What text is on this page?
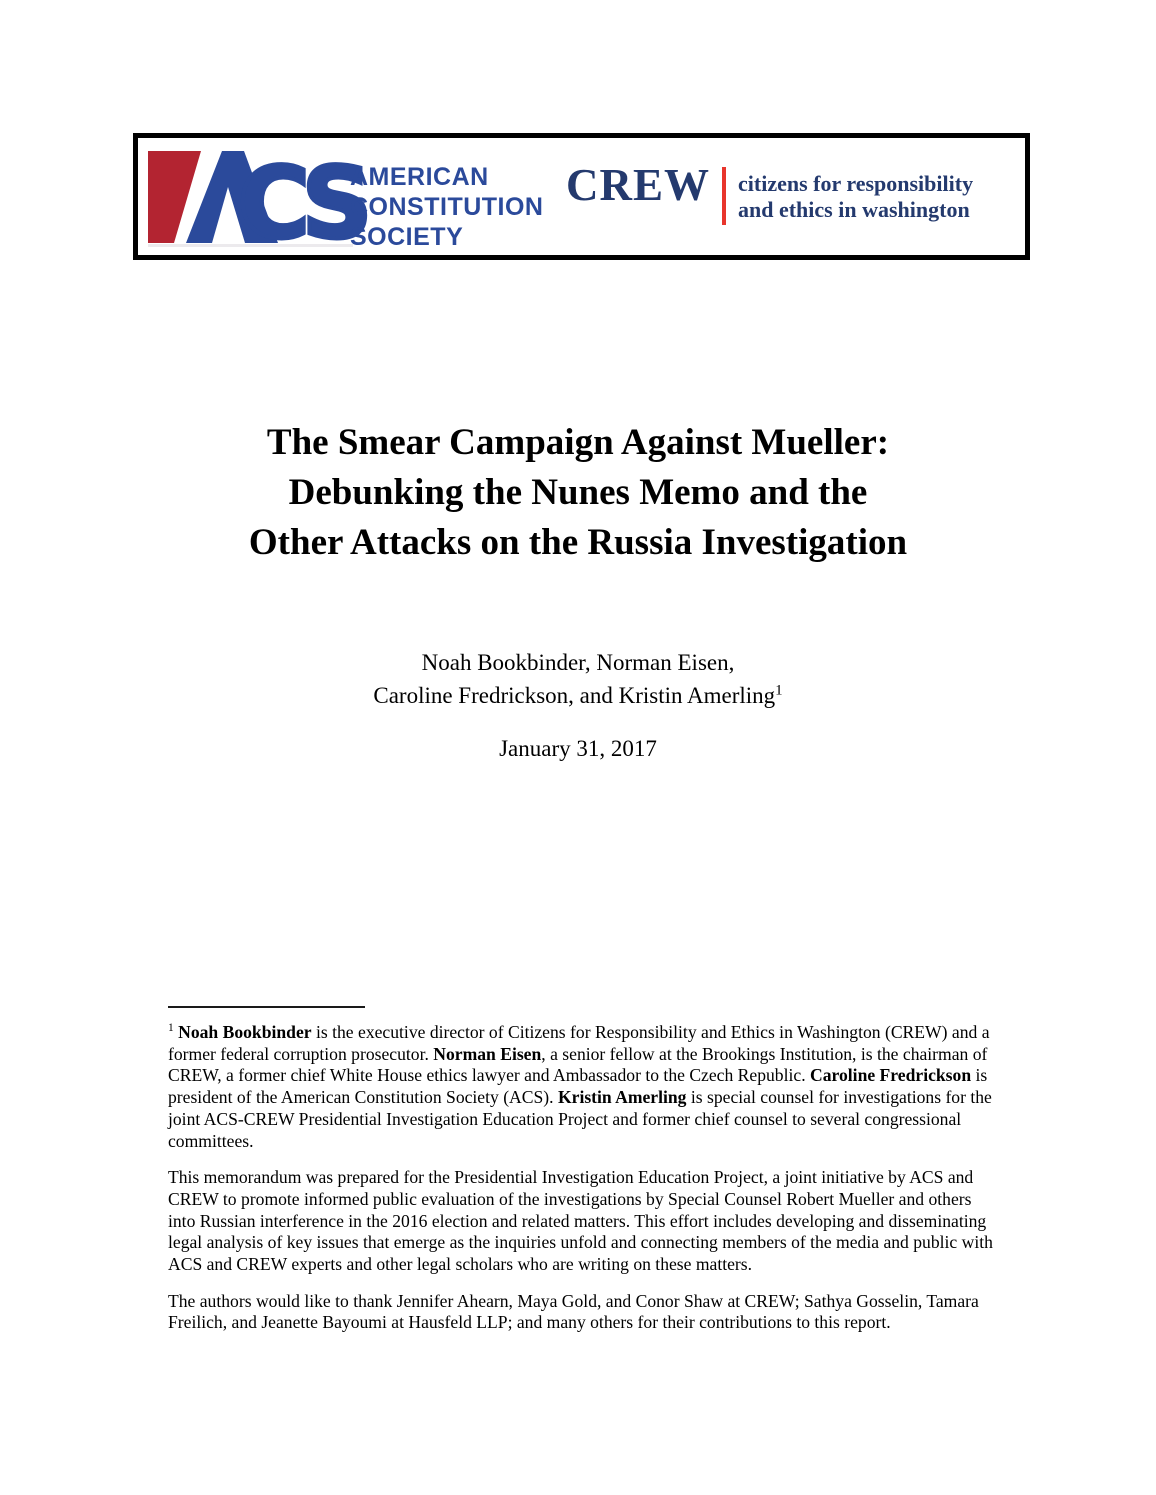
CS
AMERICAN
CONSTITUTION
SOCIETY
CREW citizens for responsibility
and ethics in washington
The Smear Campaign Against Mueller:
Debunking the Nunes Memo and the
Other Attacks on the Russia Investigation
Noah Bookbinder, Norman Eisen,
Caroline Fredrickson, and Kristin Amerling$^1$
January 31, 2017

$^1$ Noah Bookbinder is the executive director of Citizens for Responsibility and Ethics in Washington (CREW) and a former federal corruption prosecutor. Norman Eisen, a senior fellow at the Brookings Institution, is the chairman of CREW, a former chief White House ethics lawyer and Ambassador to the Czech Republic. Caroline Fredrickson is president of the American Constitution Society (ACS). Kristin Amerling is special counsel for investigations for the joint ACS-CREW Presidential Investigation Education Project and former chief counsel to several congressional committees.

This memorandum was prepared for the Presidential Investigation Education Project, a joint initiative by ACS and CREW to promote informed public evaluation of the investigations by Special Counsel Robert Mueller and others into Russian interference in the 2016 election and related matters. This effort includes developing and disseminating legal analysis of key issues that emerge as the inquiries unfold and connecting members of the media and public with ACS and CREW experts and other legal scholars who are writing on these matters.

The authors would like to thank Jennifer Ahearn, Maya Gold, and Conor Shaw at CREW; Sathya Gosselin, Tamara Freilich, and Jeanette Bayoumi at Hausfeld LLP; and many others for their contributions to this report.
